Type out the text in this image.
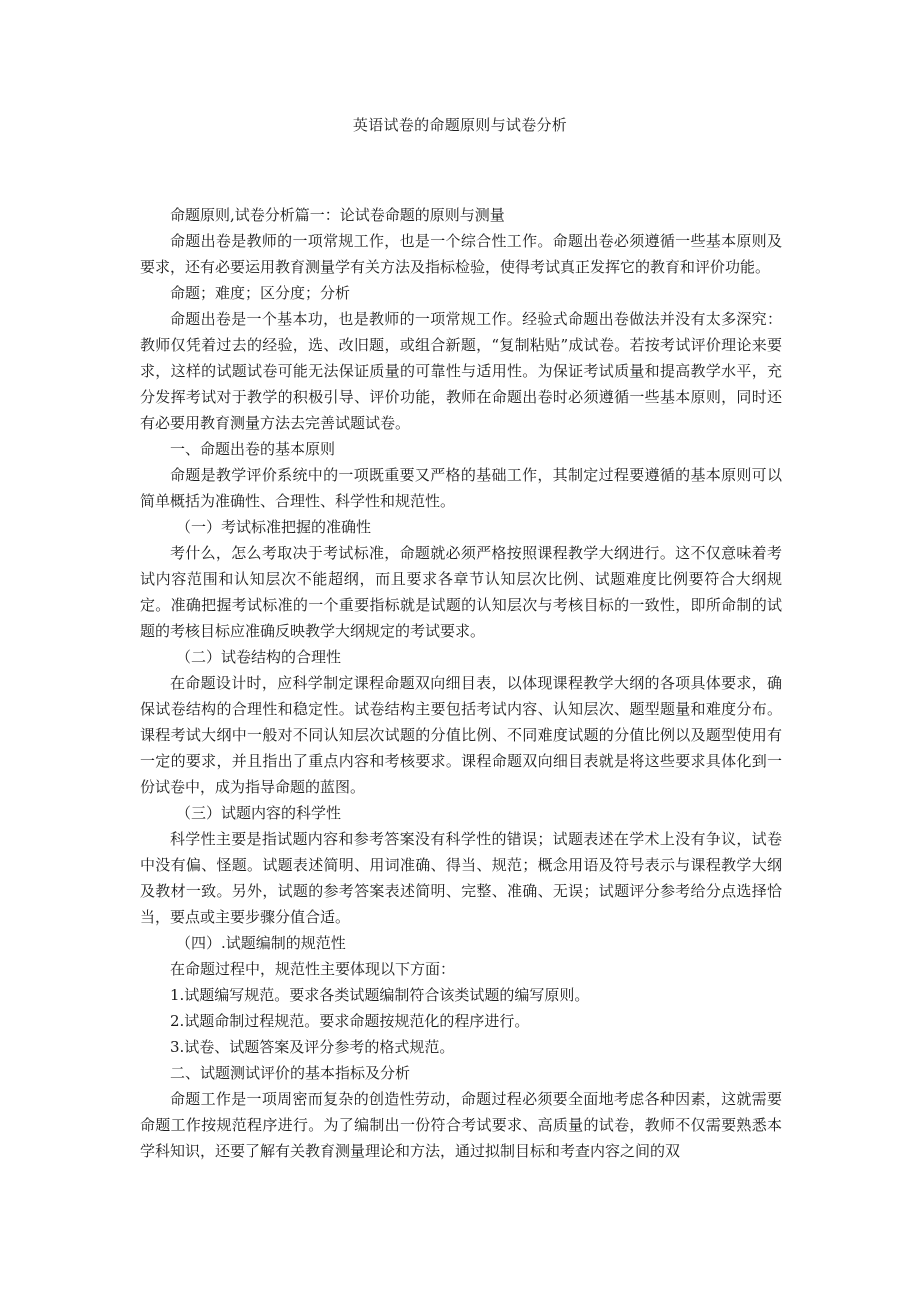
英语试卷的命题原则与试卷分析

命题原则,试卷分析篇一：论试卷命题的原则与测量

命题出卷是教师的一项常规工作，也是一个综合性工作。命题出卷必须遵循一些基本原则及要求，还有必要运用教育测量学有关方法及指标检验，使得考试真正发挥它的教育和评价功能。

命题；难度；区分度；分析

命题出卷是一个基本功，也是教师的一项常规工作。经验式命题出卷做法并没有太多深究：教师仅凭着过去的经验，选、改旧题，或组合新题，“复制粘贴”成试卷。若按考试评价理论来要求，这样的试题试卷可能无法保证质量的可靠性与适用性。为保证考试质量和提高教学水平，充分发挥考试对于教学的积极引导、评价功能，教师在命题出卷时必须遵循一些基本原则，同时还有必要用教育测量方法去完善试题试卷。

一、命题出卷的基本原则

命题是教学评价系统中的一项既重要又严格的基础工作，其制定过程要遵循的基本原则可以简单概括为准确性、合理性、科学性和规范性。

（一）考试标准把握的准确性

考什么，怎么考取决于考试标准，命题就必须严格按照课程教学大纲进行。这不仅意味着考试内容范围和认知层次不能超纲，而且要求各章节认知层次比例、试题难度比例要符合大纲规定。准确把握考试标准的一个重要指标就是试题的认知层次与考核目标的一致性，即所命制的试题的考核目标应准确反映教学大纲规定的考试要求。

（二）试卷结构的合理性

在命题设计时，应科学制定课程命题双向细目表，以体现课程教学大纲的各项具体要求，确保试卷结构的合理性和稳定性。试卷结构主要包括考试内容、认知层次、题型题量和难度分布。课程考试大纲中一般对不同认知层次试题的分值比例、不同难度试题的分值比例以及题型使用有一定的要求，并且指出了重点内容和考核要求。课程命题双向细目表就是将这些要求具体化到一份试卷中，成为指导命题的蓝图。

（三）试题内容的科学性

科学性主要是指试题内容和参考答案没有科学性的错误；试题表述在学术上没有争议，试卷中没有偏、怪题。试题表述简明、用词准确、得当、规范；概念用语及符号表示与课程教学大纲及教材一致。另外，试题的参考答案表述简明、完整、准确、无误；试题评分参考给分点选择恰当，要点或主要步骤分值合适。

（四）.试题编制的规范性

在命题过程中，规范性主要体现以下方面：

1.试题编写规范。要求各类试题编制符合该类试题的编写原则。

2.试题命制过程规范。要求命题按规范化的程序进行。

3.试卷、试题答案及评分参考的格式规范。

二、试题测试评价的基本指标及分析

命题工作是一项周密而复杂的创造性劳动，命题过程必须要全面地考虑各种因素，这就需要命题工作按规范程序进行。为了编制出一份符合考试要求、高质量的试卷，教师不仅需要熟悉本学科知识，还要了解有关教育测量理论和方法，通过拟制目标和考查内容之间的双
